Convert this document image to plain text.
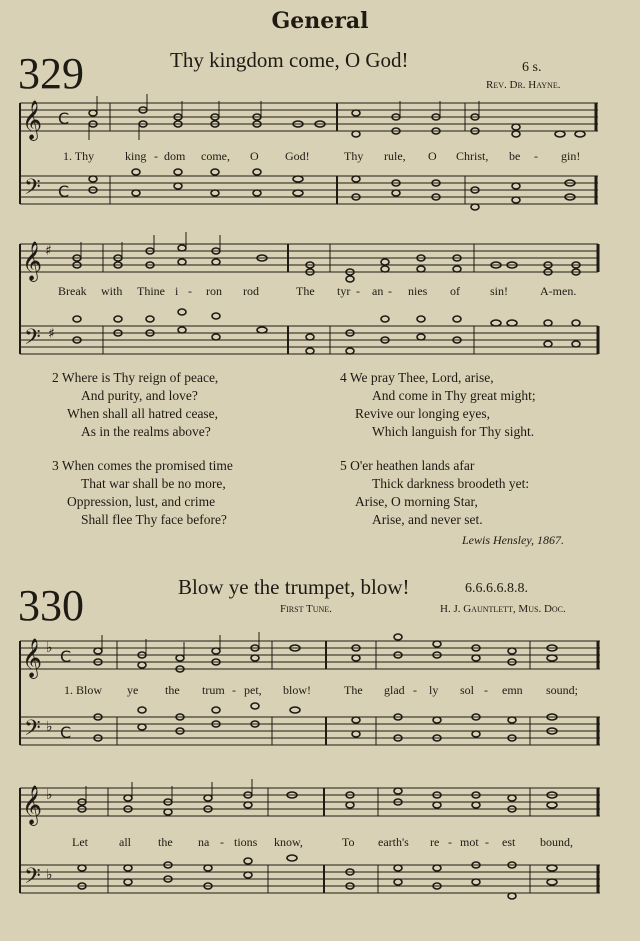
General
329	Thy kingdom come, O God!	6 s.
Rev. Dr. Hayne.
𝄞 C
𝄢 C
𝄞 ♯
𝄢 ♯
𝄞 ♭ C
𝄢 ♭ C
𝄞 ♭
𝄢 ♭
1. Thy	king - dom come, O God!	Thy rule, O Christ, be - gin!
Break with Thine i - ron rod	The tyr - an - nies of	sin!	A-men.
2 Where is Thy reign of peace,
And purity, and love?
When shall all hatred cease,
As in the realms above?
3 When comes the promised time
That war shall be no more,
Oppression, lust, and crime
Shall flee Thy face before?
4 We pray Thee, Lord, arise,
And come in Thy great might;
Revive our longing eyes,
Which languish for Thy sight.
5 O'er heathen lands afar
Thick darkness broodeth yet:
Arise, O morning Star,
Arise, and never set.
Lewis Hensley, 1867.
330	Blow ye the trumpet, blow!	6.6.6.6.8.8.
First Tune.	H. J. Gauntlett, Mus. Doc.
1. Blow ye the trum - pet, blow!	The glad - ly sol - emn sound;
Let	all the na - tions know,	To earth's re - mot - est bound,
